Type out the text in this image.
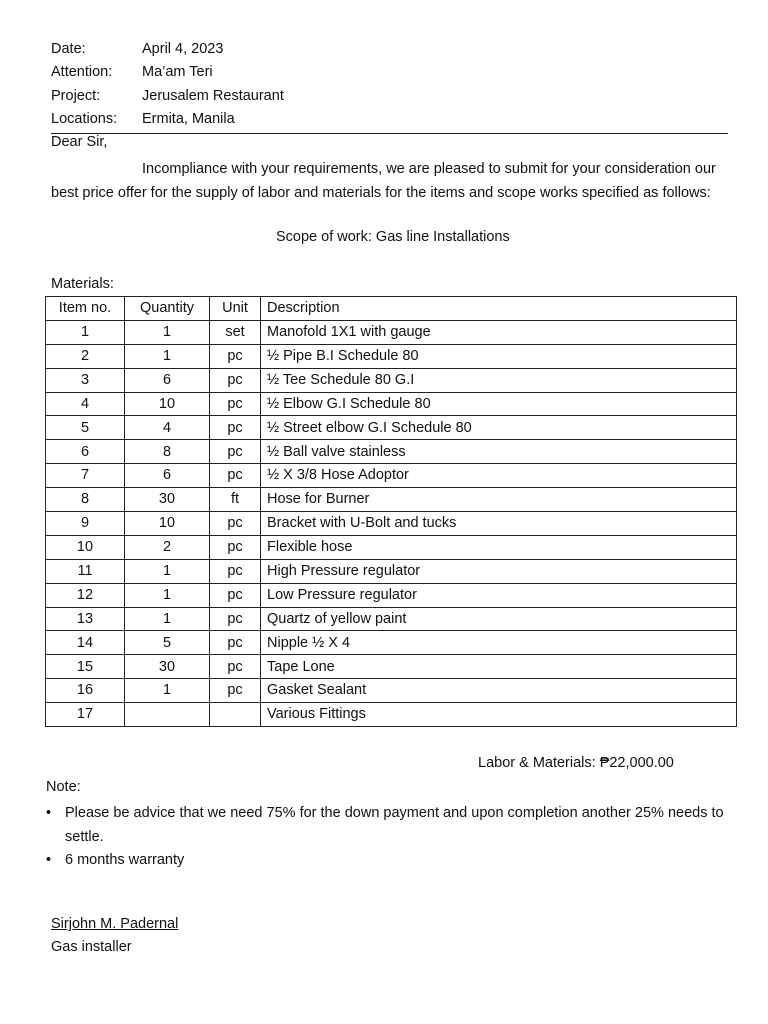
Date:	April 4, 2023
Attention:	Ma’am Teri
Project:	Jerusalem Restaurant
Locations:	Ermita, Manila
Dear Sir,
Incompliance with your requirements, we are pleased to submit for your consideration our best price offer for the supply of labor and materials for the items and scope works specified as follows:
Scope of work: Gas line Installations
Materials:
Item no.	Quantity	Unit	Description
1	1	set	Manofold 1X1 with gauge
2	1	pc	½ Pipe B.I Schedule 80
3	6	pc	½ Tee Schedule 80 G.I
4	10	pc	½ Elbow G.I Schedule 80
5	4	pc	½ Street elbow G.I Schedule 80
6	8	pc	½ Ball valve stainless
7	6	pc	½ X 3/8 Hose Adoptor
8	30	ft	Hose for Burner
9	10	pc	Bracket with U-Bolt and tucks
10	2	pc	Flexible hose
11	1	pc	High Pressure regulator
12	1	pc	Low Pressure regulator
13	1	pc	Quartz of yellow paint
14	5	pc	Nipple ½ X 4
15	30	pc	Tape Lone
16	1	pc	Gasket Sealant
17			Various Fittings
Labor & Materials: ₱22,000.00
Note:
• Please be advice that we need 75% for the down payment and upon completion another 25% needs to settle.
• 6 months warranty
Sirjohn M. Padernal
Gas installer
